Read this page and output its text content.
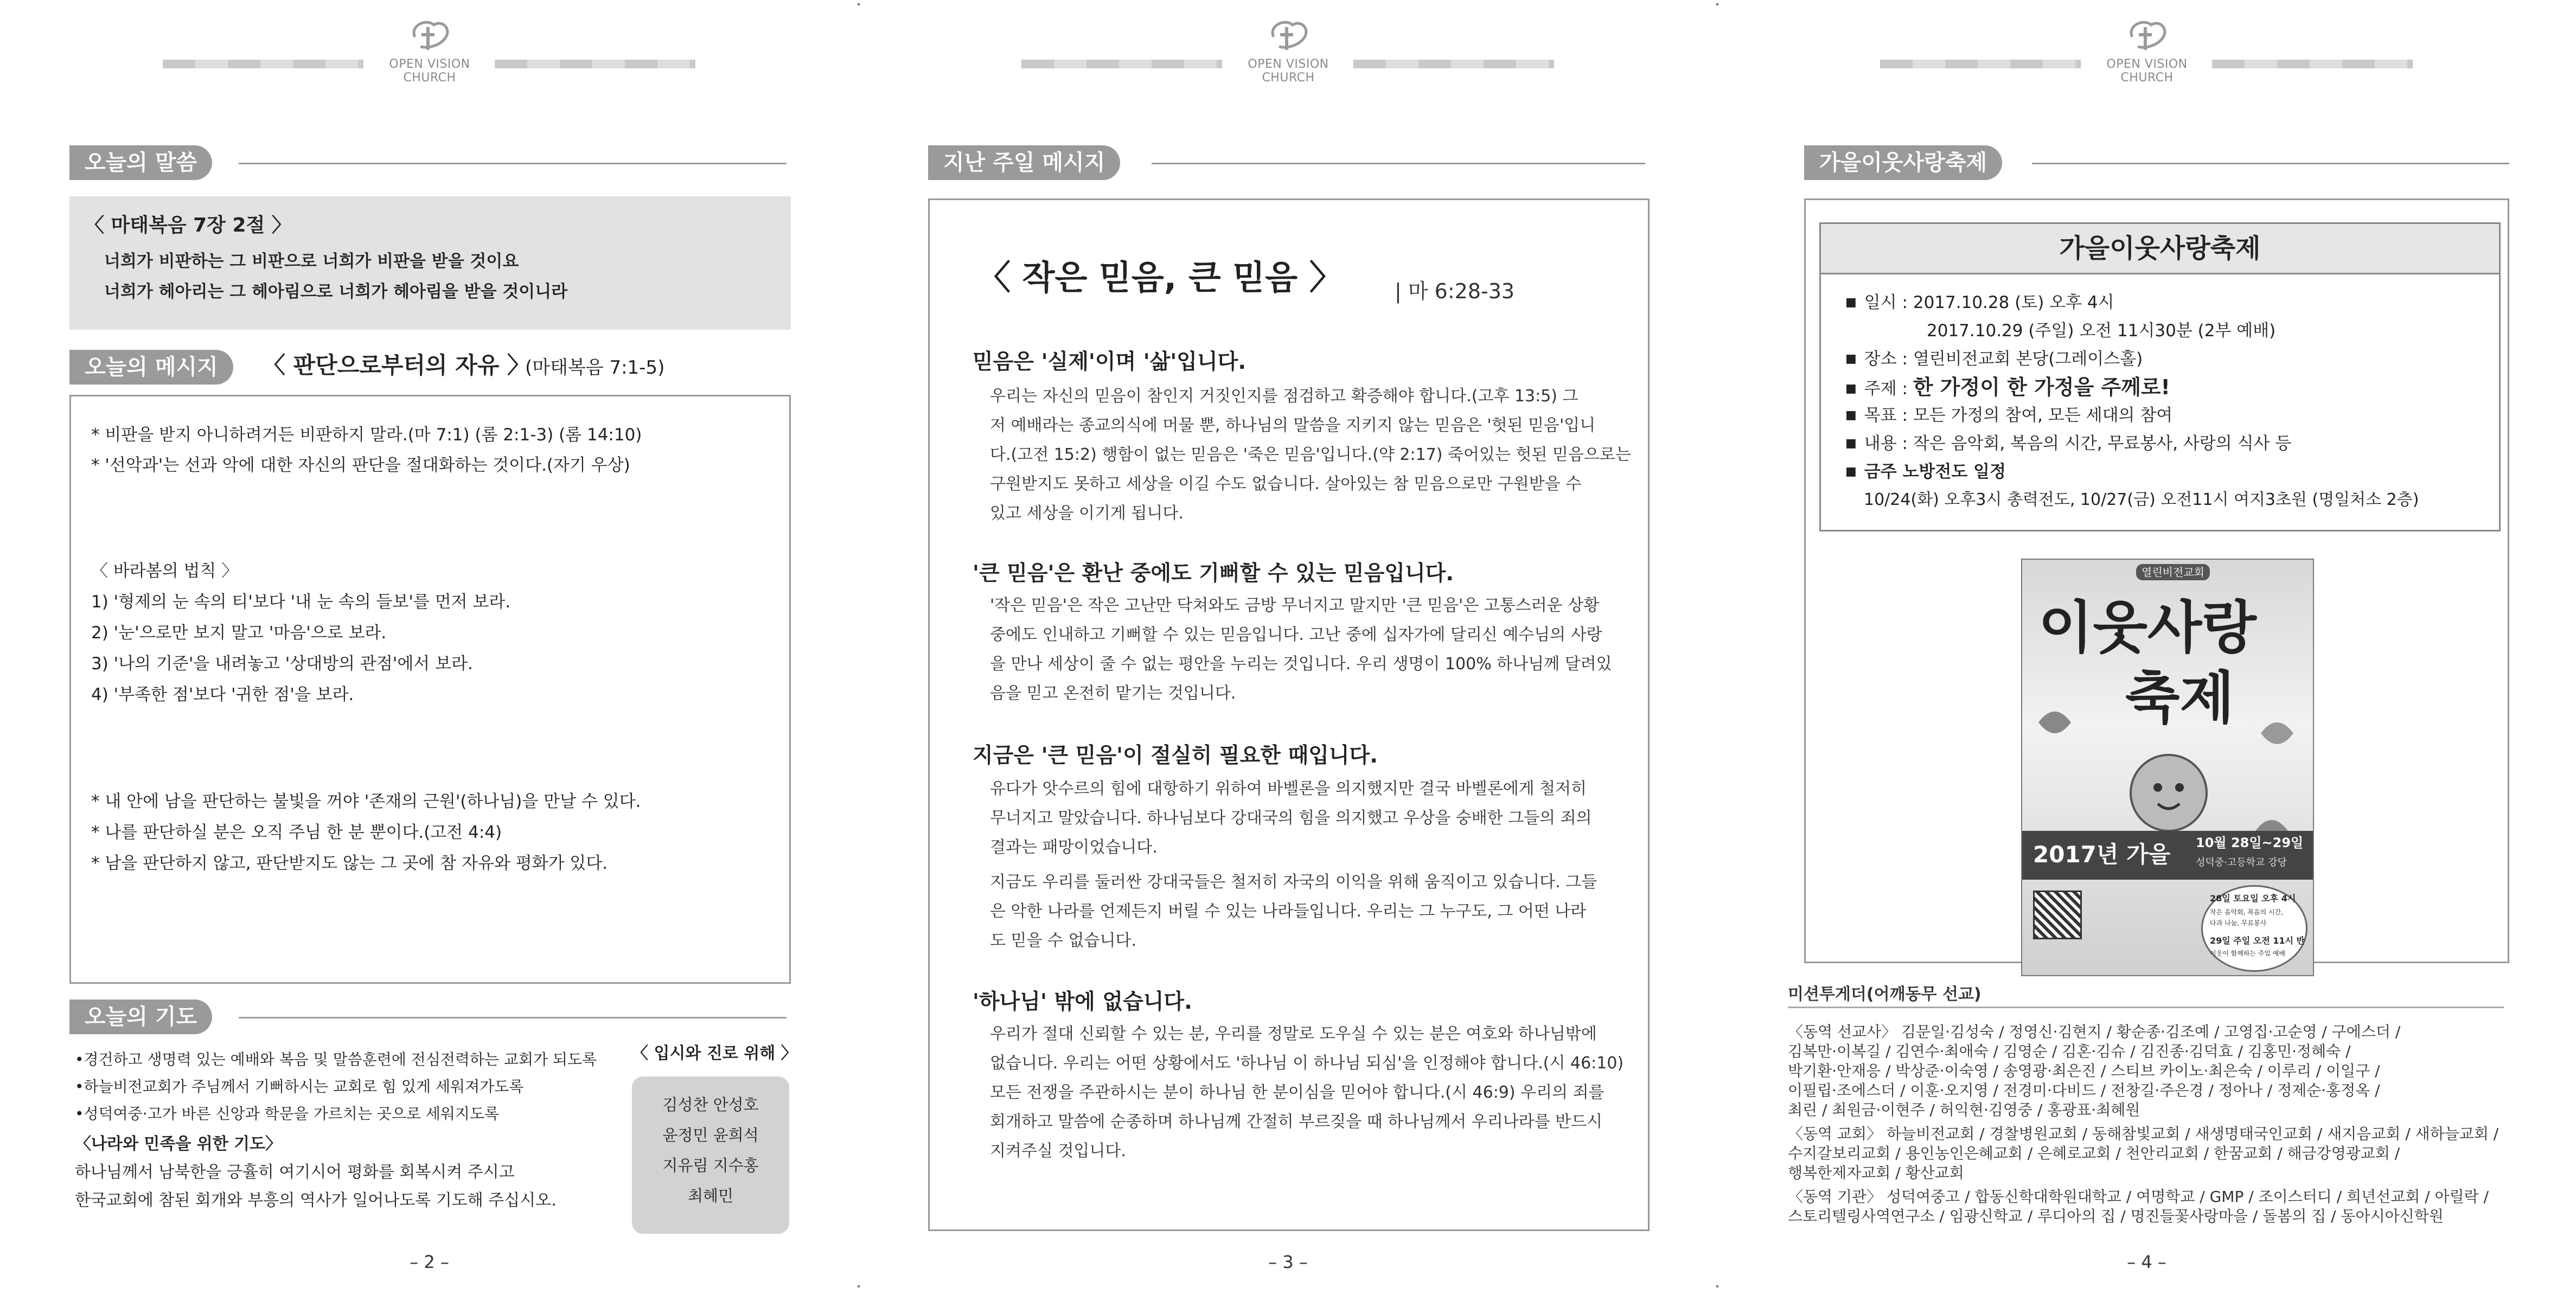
OPEN VISION CHURCH
오늘의 말씀
〈 마태복음 7장 2절 〉
너희가 비판하는 그 비판으로 너희가 비판을 받을 것이요
너희가 헤아리는 그 헤아림으로 너희가 헤아림을 받을 것이니라
오늘의 메시지	〈 판단으로부터의 자유 〉
(마태복음 7:1-5)
* 비판을 받지 아니하려거든 비판하지 말라.(마 7:1) (롬 2:1-3) (롬 14:10)
* '선악과'는 선과 악에 대한 자신의 판단을 절대화하는 것이다.(자기 우상)
〈 바라봄의 법칙 〉
1) '형제의 눈 속의 티'보다 '내 눈 속의 들보'를 먼저 보라.
2) '눈'으로만 보지 말고 '마음'으로 보라.
3) '나의 기준'을 내려놓고 '상대방의 관점'에서 보라.
4) '부족한 점'보다 '귀한 점'을 보라.
* 내 안에 남을 판단하는 불빛을 꺼야 '존재의 근원'(하나님)을 만날 수 있다.
* 나를 판단하실 분은 오직 주님 한 분 뿐이다.(고전 4:4)
* 남을 판단하지 않고, 판단받지도 않는 그 곳에 참 자유와 평화가 있다.
오늘의 기도
•경건하고 생명력 있는 예배와 복음 및 말씀훈련에 전심전력하는 교회가 되도록
•하늘비전교회가 주님께서 기뻐하시는 교회로 힘 있게 세워져가도록
•성덕여중·고가 바른 신앙과 학문을 가르치는 곳으로 세워지도록
〈나라와 민족을 위한 기도〉
하나님께서 남북한을 긍휼히 여기시어 평화를 회복시켜 주시고
한국교회에 참된 회개와 부흥의 역사가 일어나도록 기도해 주십시오.
〈 입시와 진로 위해 〉
김성찬 안성호
윤정민 윤희석
지유림 지수홍
최혜민
– 2 –
OPEN VISION CHURCH
지난 주일 메시지
〈 작은 믿음, 큰 믿음 〉	| 마 6:28-33
믿음은 '실제'이며 '삶'입니다.
우리는 자신의 믿음이 참인지 거짓인지를 점검하고 확증해야 합니다.(고후 13:5) 그
저 예배라는 종교의식에 머물 뿐, 하나님의 말씀을 지키지 않는 믿음은 '헛된 믿음'입니
다.(고전 15:2) 행함이 없는 믿음은 '죽은 믿음'입니다.(약 2:17) 죽어있는 헛된 믿음으로는
구원받지도 못하고 세상을 이길 수도 없습니다. 살아있는 참 믿음으로만 구원받을 수
있고 세상을 이기게 됩니다.
'큰 믿음'은 환난 중에도 기뻐할 수 있는 믿음입니다.
'작은 믿음'은 작은 고난만 닥쳐와도 금방 무너지고 말지만 '큰 믿음'은 고통스러운 상황
중에도 인내하고 기뻐할 수 있는 믿음입니다. 고난 중에 십자가에 달리신 예수님의 사랑
을 만나 세상이 줄 수 없는 평안을 누리는 것입니다. 우리 생명이 100% 하나님께 달려있
음을 믿고 온전히 맡기는 것입니다.
지금은 '큰 믿음'이 절실히 필요한 때입니다.
유다가 앗수르의 힘에 대항하기 위하여 바벨론을 의지했지만 결국 바벨론에게 철저히
무너지고 말았습니다. 하나님보다 강대국의 힘을 의지했고 우상을 숭배한 그들의 죄의
결과는 패망이었습니다.
지금도 우리를 둘러싼 강대국들은 철저히 자국의 이익을 위해 움직이고 있습니다. 그들
은 악한 나라를 언제든지 버릴 수 있는 나라들입니다. 우리는 그 누구도, 그 어떤 나라
도 믿을 수 없습니다.
'하나님' 밖에 없습니다.
우리가 절대 신뢰할 수 있는 분, 우리를 정말로 도우실 수 있는 분은 여호와 하나님밖에
없습니다. 우리는 어떤 상황에서도 '하나님 이 하나님 되심'을 인정해야 합니다.(시 46:10)
모든 전쟁을 주관하시는 분이 하나님 한 분이심을 믿어야 합니다.(시 46:9) 우리의 죄를
회개하고 말씀에 순종하며 하나님께 간절히 부르짖을 때 하나님께서 우리나라를 반드시
지켜주실 것입니다.
– 3 –
OPEN VISION CHURCH
가을이웃사랑축제
가을이웃사랑축제
■ 일시 : 2017.10.28 (토) 오후 4시
2017.10.29 (주일) 오전 11시30분 (2부 예배)
■ 장소 : 열린비전교회 본당(그레이스홀)
■ 주제 : 한 가정이 한 가정을 주께로!
■ 목표 : 모든 가정의 참여, 모든 세대의 참여
■ 내용 : 작은 음악회, 복음의 시간, 무료봉사, 사랑의 식사 등
■ 금주 노방전도 일정
10/24(화) 오후3시 총력전도, 10/27(금) 오전11시 여지3초원 (명일처소 2층)
열린비전교회
이웃사랑
축제
2017년 가을 10월 28일~29일
성덕중·고등학교 강당
28일 토요일 오후 4시
작은 음악회, 복음의 시간, 다과 나눔, 무료봉사
29일 주일 오전 11시 반
이웃이 함께하는 주일 예배
미션투게더(어깨동무 선교)
〈동역 선교사〉 김문일·김성숙 / 정영신·김현지 / 황순종·김조예 / 고영집·고순영 / 구에스더 /
김복만·이복길 / 김연수·최애숙 / 김영순 / 김혼·김슈 / 김진종·김덕효 / 김홍민·정혜숙 /
박기환·안재응 / 박상준·이숙영 / 송영광·최은진 / 스티브 카이노·최은숙 / 이루리 / 이일구 /
이필립·조에스더 / 이훈·오지영 / 전경미·다비드 / 전창길·주은경 / 정아나 / 정제순·홍정옥 /
최린 / 최원금·이현주 / 허익현·김영중 / 홍광표·최혜원
〈동역 교회〉 하늘비전교회 / 경찰병원교회 / 동해참빛교회 / 새생명태국인교회 / 새지음교회 / 새하늘교회 /
수지갈보리교회 / 용인농인은혜교회 / 은혜로교회 / 천안리교회 / 한꿈교회 / 해금강영광교회 /
행복한제자교회 / 황산교회
〈동역 기관〉 성덕여중고 / 합동신학대학원대학교 / 여명학교 / GMP / 조이스터디 / 희년선교회 / 아릴락 /
스토리텔링사역연구소 / 임광신학교 / 루디아의 집 / 명진들꽃사랑마을 / 돌봄의 집 / 동아시아신학원
– 4 –
